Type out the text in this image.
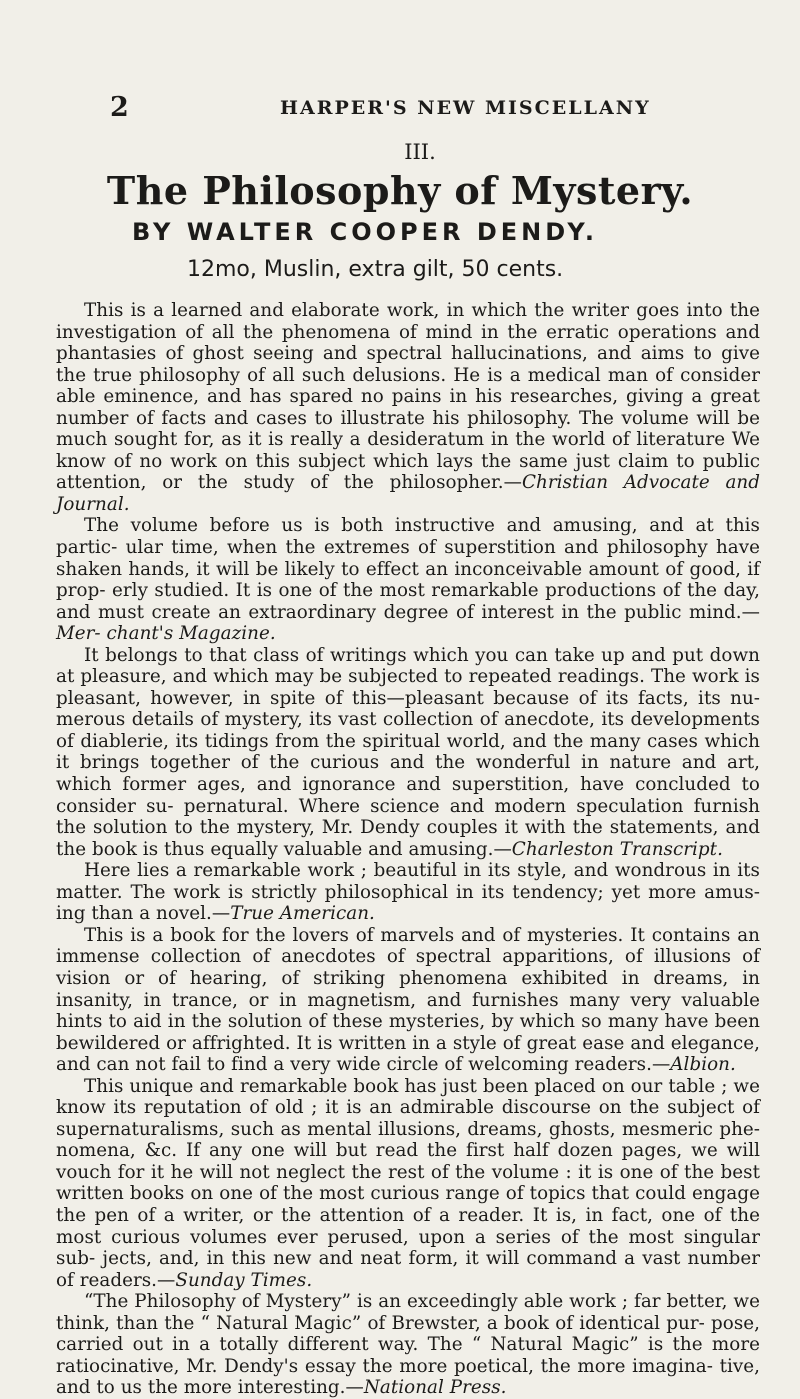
2	HARPER'S NEW MISCELLANY
III.
The Philosophy of Mystery.
BY WALTER COOPER DENDY.
12mo, Muslin, extra gilt, 50 cents.

This is a learned and elaborate work, in which the writer goes into the investigation of all the phenomena of mind in the erratic operations and phantasies of ghost seeing and spectral hallucinations, and aims to give the true philosophy of all such delusions. He is a medical man of consider able eminence, and has spared no pains in his researches, giving a great number of facts and cases to illustrate his philosophy. The volume will be much sought for, as it is really a desideratum in the world of literature We know of no work on this subject which lays the same just claim to public attention, or the study of the philosopher.—Christian Advocate and Journal.

The volume before us is both instructive and amusing, and at this partic- ular time, when the extremes of superstition and philosophy have shaken hands, it will be likely to effect an inconceivable amount of good, if prop- erly studied. It is one of the most remarkable productions of the day, and must create an extraordinary degree of interest in the public mind.—Mer- chant's Magazine.

It belongs to that class of writings which you can take up and put down at pleasure, and which may be subjected to repeated readings. The work is pleasant, however, in spite of this—pleasant because of its facts, its nu- merous details of mystery, its vast collection of anecdote, its developments of diablerie, its tidings from the spiritual world, and the many cases which it brings together of the curious and the wonderful in nature and art, which former ages, and ignorance and superstition, have concluded to consider su- pernatural. Where science and modern speculation furnish the solution to the mystery, Mr. Dendy couples it with the statements, and the book is thus equally valuable and amusing.—Charleston Transcript.

Here lies a remarkable work ; beautiful in its style, and wondrous in its matter. The work is strictly philosophical in its tendency; yet more amus- ing than a novel.—True American.

This is a book for the lovers of marvels and of mysteries. It contains an immense collection of anecdotes of spectral apparitions, of illusions of vision or of hearing, of striking phenomena exhibited in dreams, in insanity, in trance, or in magnetism, and furnishes many very valuable hints to aid in the solution of these mysteries, by which so many have been bewildered or affrighted. It is written in a style of great ease and elegance, and can not fail to find a very wide circle of welcoming readers.—Albion.

This unique and remarkable book has just been placed on our table ; we know its reputation of old ; it is an admirable discourse on the subject of supernaturalisms, such as mental illusions, dreams, ghosts, mesmeric phe- nomena, &c. If any one will but read the first half dozen pages, we will vouch for it he will not neglect the rest of the volume : it is one of the best written books on one of the most curious range of topics that could engage the pen of a writer, or the attention of a reader. It is, in fact, one of the most curious volumes ever perused, upon a series of the most singular sub- jects, and, in this new and neat form, it will command a vast number of readers.—Sunday Times.

“The Philosophy of Mystery” is an exceedingly able work ; far better, we think, than the “ Natural Magic” of Brewster, a book of identical pur- pose, carried out in a totally different way. The “ Natural Magic” is the more ratiocinative, Mr. Dendy's essay the more poetical, the more imagina- tive, and to us the more interesting.—National Press.
